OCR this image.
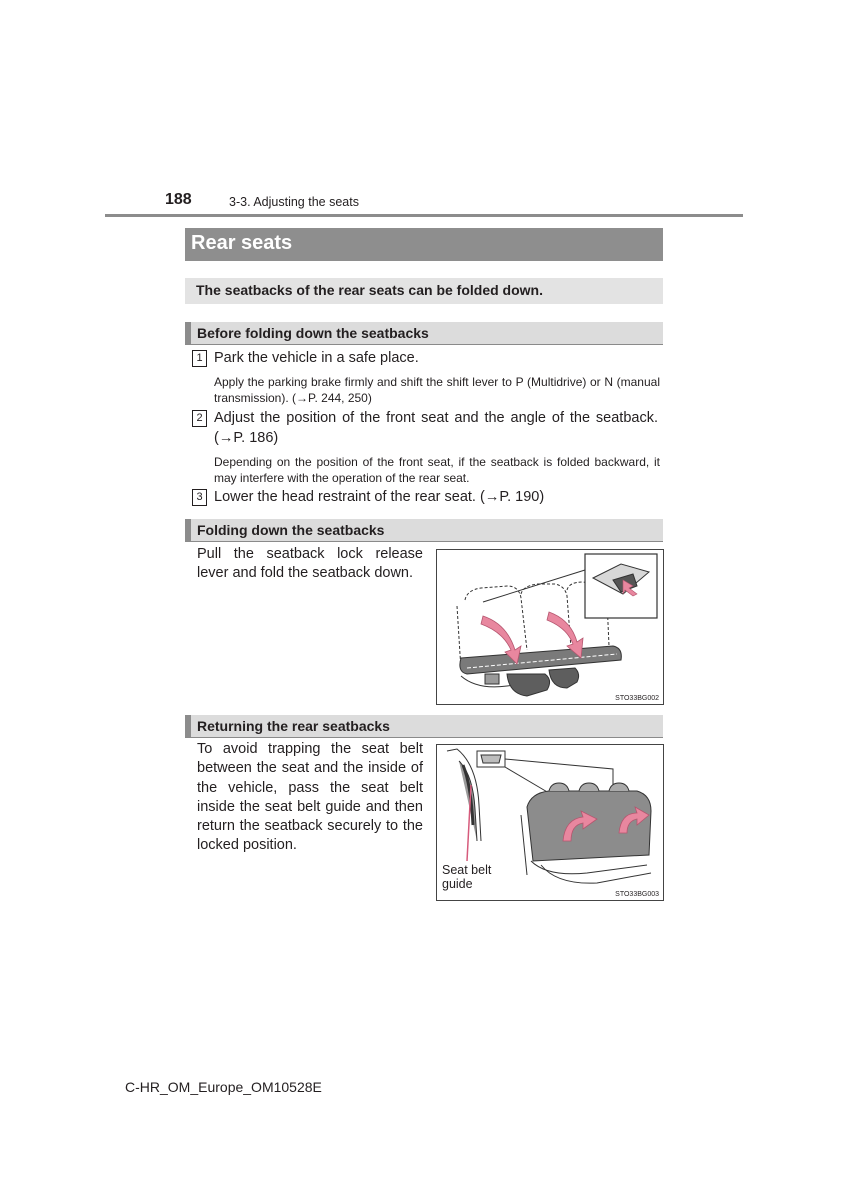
188	3-3. Adjusting the seats
Rear seats
The seatbacks of the rear seats can be folded down.
Before folding down the seatbacks
1 Park the vehicle in a safe place.
Apply the parking brake firmly and shift the shift lever to P (Multidrive) or N (manual transmission). (→P. 244, 250)
2 Adjust the position of the front seat and the angle of the seatback. (→P. 186)
Depending on the position of the front seat, if the seatback is folded backward, it may interfere with the operation of the rear seat.
3 Lower the head restraint of the rear seat. (→P. 190)
Folding down the seatbacks
Pull the seatback lock release lever and fold the seatback down.
STO33BG002
Returning the rear seatbacks
To avoid trapping the seat belt between the seat and the inside of the vehicle, pass the seat belt inside the seat belt guide and then return the seatback securely to the locked position.
Seat belt
guide
STO33BG003
C-HR_OM_Europe_OM10528E
